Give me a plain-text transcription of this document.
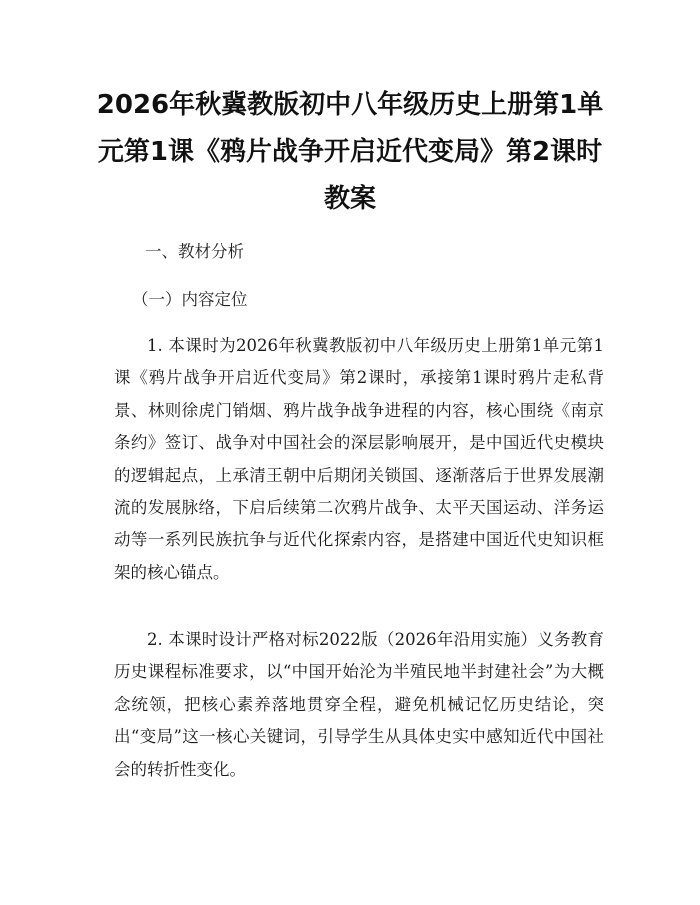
2026年秋冀教版初中八年级历史上册第1单元第1课《鸦片战争开启近代变局》第2课时教案

一、教材分析

（一）内容定位

1. 本课时为2026年秋冀教版初中八年级历史上册第1单元第1课《鸦片战争开启近代变局》第2课时，承接第1课时鸦片走私背景、林则徐虎门销烟、鸦片战争战争进程的内容，核心围绕《南京条约》签订、战争对中国社会的深层影响展开，是中国近代史模块的逻辑起点，上承清王朝中后期闭关锁国、逐渐落后于世界发展潮流的发展脉络，下启后续第二次鸦片战争、太平天国运动、洋务运动等一系列民族抗争与近代化探索内容，是搭建中国近代史知识框架的核心锚点。

2. 本课时设计严格对标2022版（2026年沿用实施）义务教育历史课程标准要求，以“中国开始沦为半殖民地半封建社会”为大概念统领，把核心素养落地贯穿全程，避免机械记忆历史结论，突出“变局”这一核心关键词，引导学生从具体史实中感知近代中国社会的转折性变化。
